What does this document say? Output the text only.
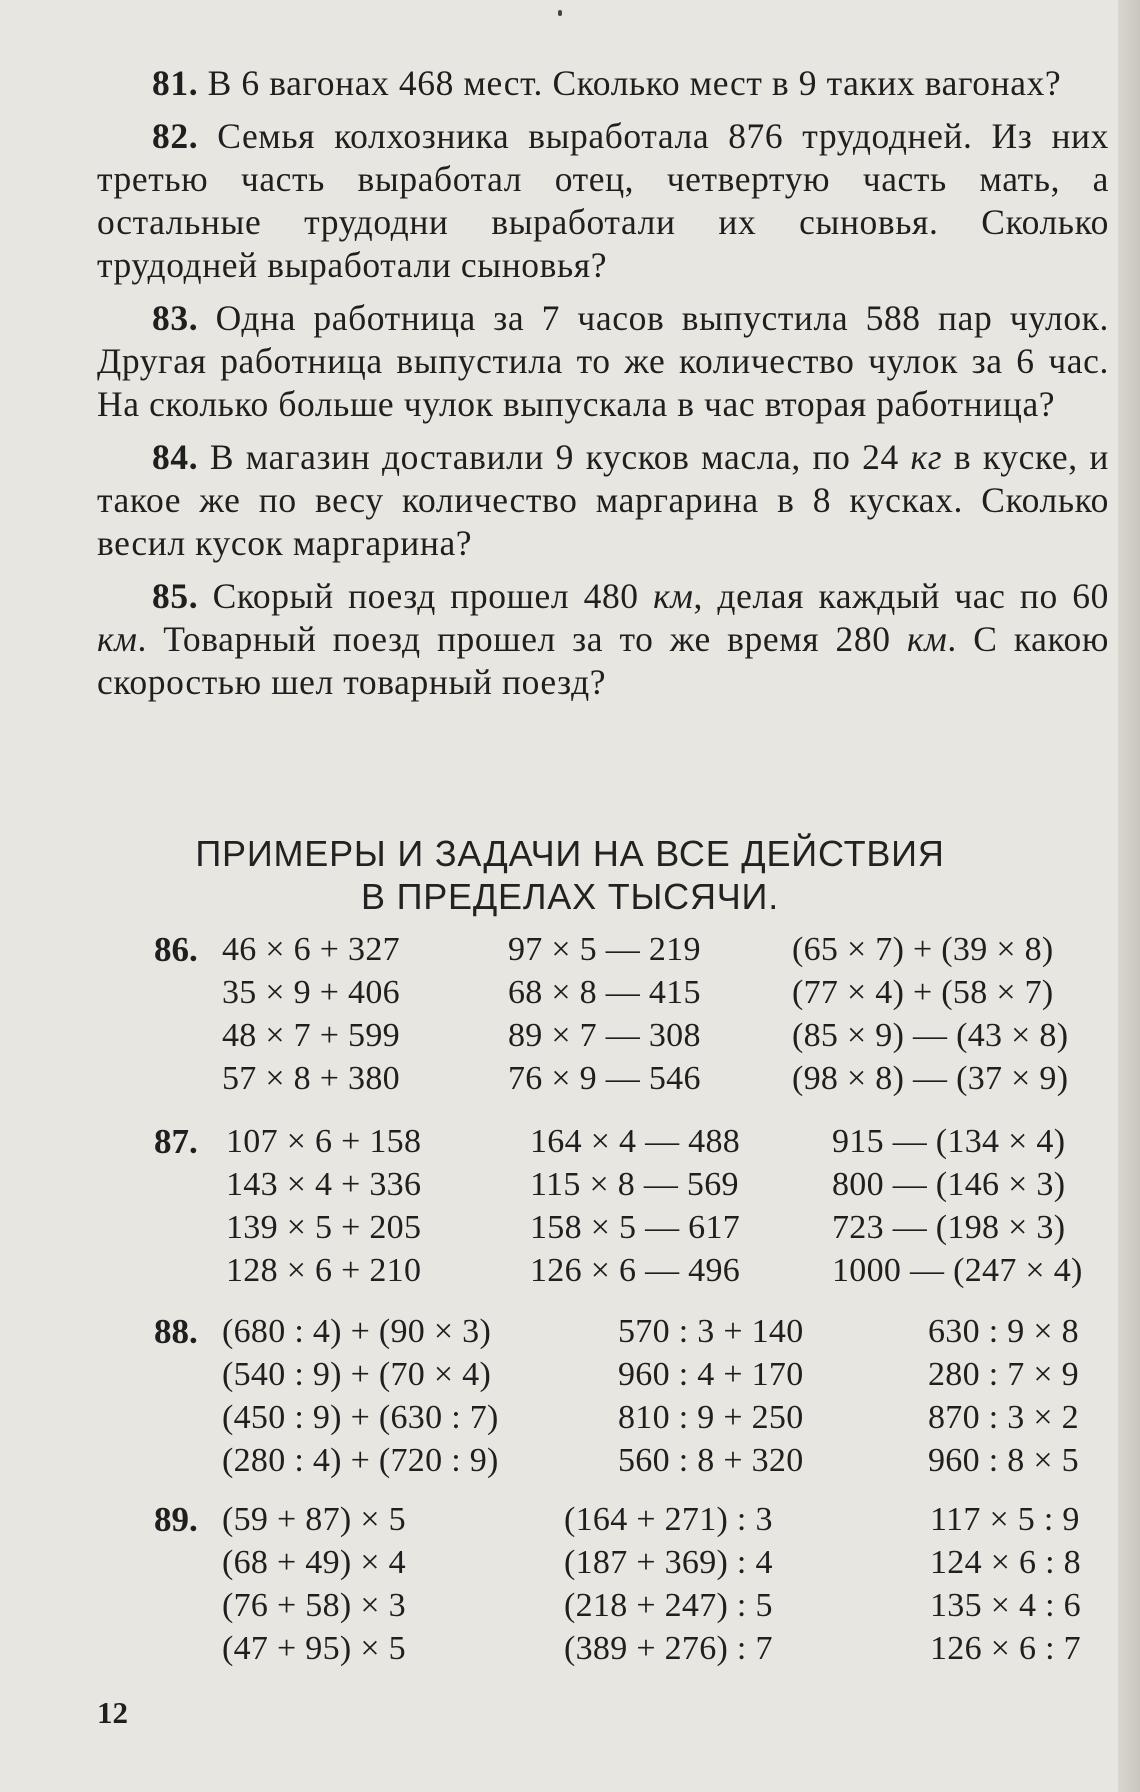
81. В 6 вагонах 468 мест. Сколько мест в 9 таких вагонах?

82. Семья колхозника выработала 876 трудодней. Из них третью часть выработал отец, четвертую часть мать, а остальные трудодни выработали их сыновья. Сколько трудодней выработали сыновья?

83. Одна работница за 7 часов выпустила 588 пар чулок. Другая работница выпустила то же количество чулок за 6 час. На сколько больше чулок выпускала в час вторая работница?

84. В магазин доставили 9 кусков масла, по 24 кг в куске, и такое же по весу количество маргарина в 8 кусках. Сколько весил кусок маргарина?

85. Скорый поезд прошел 480 км, делая каждый час по 60 км. Товарный поезд прошел за то же время 280 км. С какою скоростью шел товарный поезд?

ПРИМЕРЫ И ЗАДАЧИ НА ВСЕ ДЕЙСТВИЯ
В ПРЕДЕЛАХ ТЫСЯЧИ.
86. 46 × 6 + 327	97 × 5 — 219	(65 × 7) + (39 × 8)
35 × 9 + 406	68 × 8 — 415	(77 × 4) + (58 × 7)
48 × 7 + 599	89 × 7 — 308	(85 × 9) — (43 × 8)
57 × 8 + 380	76 × 9 — 546	(98 × 8) — (37 × 9)
87. 107 × 6 + 158	164 × 4 — 488	915 — (134 × 4)
143 × 4 + 336	115 × 8 — 569	800 — (146 × 3)
139 × 5 + 205	158 × 5 — 617	723 — (198 × 3)
128 × 6 + 210	126 × 6 — 496	1000 — (247 × 4)
88. (680 : 4) + (90 × 3)	570 : 3 + 140	630 : 9 × 8
(540 : 9) + (70 × 4)	960 : 4 + 170	280 : 7 × 9
(450 : 9) + (630 : 7)	810 : 9 + 250	870 : 3 × 2
(280 : 4) + (720 : 9)	560 : 8 + 320	960 : 8 × 5
89. (59 + 87) × 5	(164 + 271) : 3	117 × 5 : 9
(68 + 49) × 4	(187 + 369) : 4	124 × 6 : 8
(76 + 58) × 3	(218 + 247) : 5	135 × 4 : 6
(47 + 95) × 5	(389 + 276) : 7	126 × 6 : 7
12
